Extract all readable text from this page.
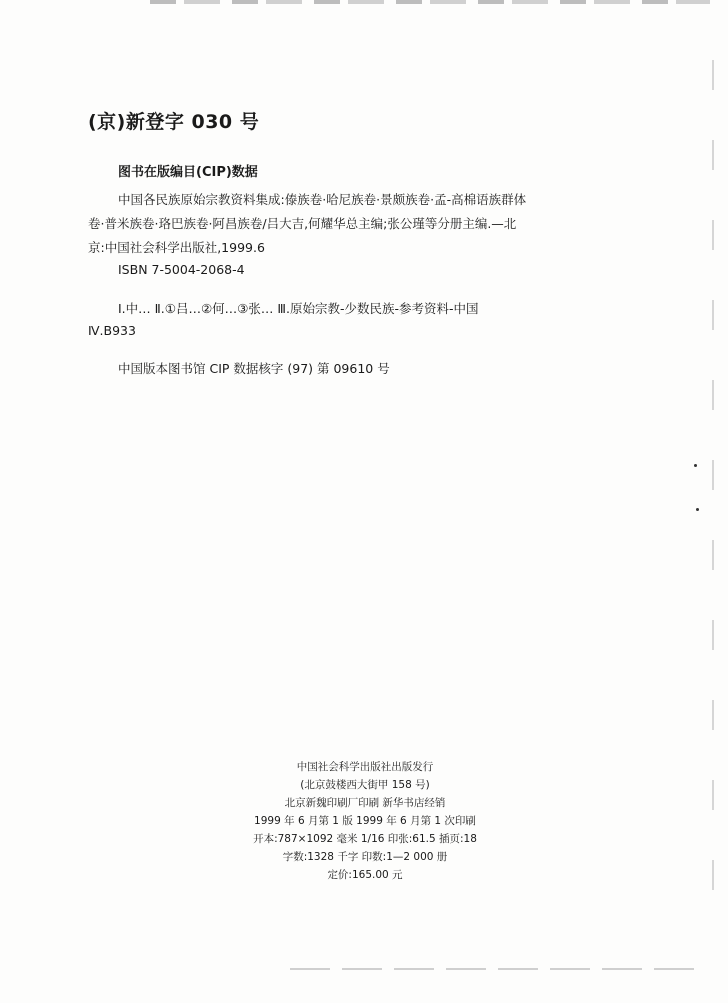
(京)新登字 030 号
图书在版编目(CIP)数据
中国各民族原始宗教资料集成:傣族卷·哈尼族卷·景颇族卷·孟-高棉语族群体
卷·普米族卷·珞巴族卷·阿昌族卷/吕大吉,何耀华总主编;张公瑾等分册主编.—北
京:中国社会科学出版社,1999.6
ISBN 7-5004-2068-4
Ⅰ.中… Ⅱ.①吕…②何…③张… Ⅲ.原始宗教-少数民族-参考资料-中国
Ⅳ.B933
中国版本图书馆 CIP 数据核字 (97) 第 09610 号
中国社会科学出版社出版发行
(北京鼓楼西大街甲 158 号)
北京新魏印刷厂印刷 新华书店经销
1999 年 6 月第 1 版 1999 年 6 月第 1 次印刷
开本:787×1092 毫米 1/16 印张:61.5 插页:18
字数:1328 千字 印数:1—2 000 册
定价:165.00 元
